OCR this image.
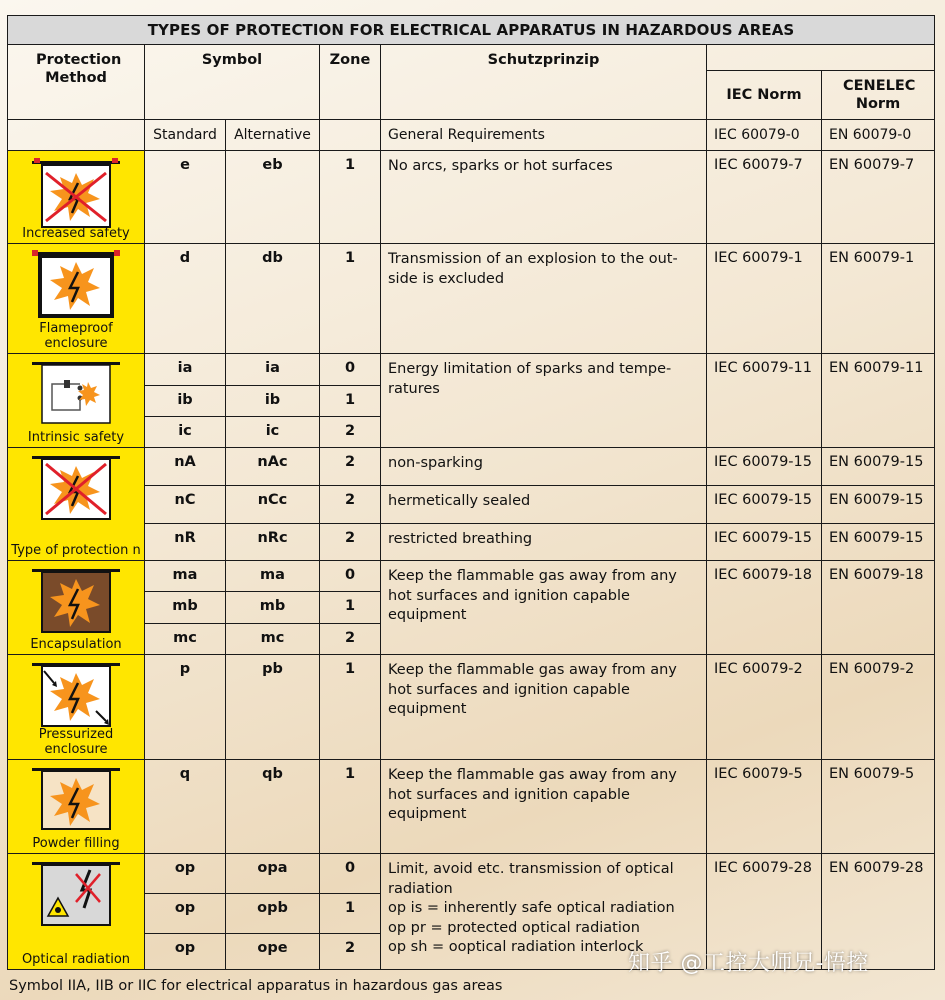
TYPES OF PROTECTION FOR ELECTRICAL APPARATUS IN HAZARDOUS AREAS						

Protection Method	Symbol		Zone	Schutzprinzip		
					IEC Norm	CENELEC Norm

	Standard	Alternative		General Requirements	IEC 60079-0	EN 60079-0

Increased safety	e	eb	1	No arcs, sparks or hot surfaces	IEC 60079-7	EN 60079-7

Flameproof enclosure	d	db	1	Transmission of an explosion to the out-side is excluded	IEC 60079-1	EN 60079-1

Intrinsic safety	ia	ia	0	Energy limitation of sparks and tempe-ratures	IEC 60079-11	EN 60079-11
	ib	ib	1			
	ic	ic	2			

Type of protection n	nA	nAc	2	non-sparking	IEC 60079-15	EN 60079-15
	nC	nCc	2	hermetically sealed	IEC 60079-15	EN 60079-15
	nR	nRc	2	restricted breathing	IEC 60079-15	EN 60079-15

Encapsulation	ma	ma	0	Keep the flammable gas away from any hot surfaces and ignition capable equipment	IEC 60079-18	EN 60079-18
	mb	mb	1			
	mc	mc	2			

Pressurized enclosure	p	pb	1	Keep the flammable gas away from any hot surfaces and ignition capable equipment	IEC 60079-2	EN 60079-2

Powder filling	q	qb	1	Keep the flammable gas away from any hot surfaces and ignition capable equipment	IEC 60079-5	EN 60079-5

Optical radiation	op	opa	0	Limit, avoid etc. transmission of optical radiation
op is = inherently safe optical radiation
op pr = protected optical radiation
op sh = ooptical radiation interlock	IEC 60079-28	EN 60079-28
	op	opb	1			
	op	ope	2			
知乎 @工控大师兄-悟控
Symbol IIA, IIB or IIC for electrical apparatus in hazardous gas areas
